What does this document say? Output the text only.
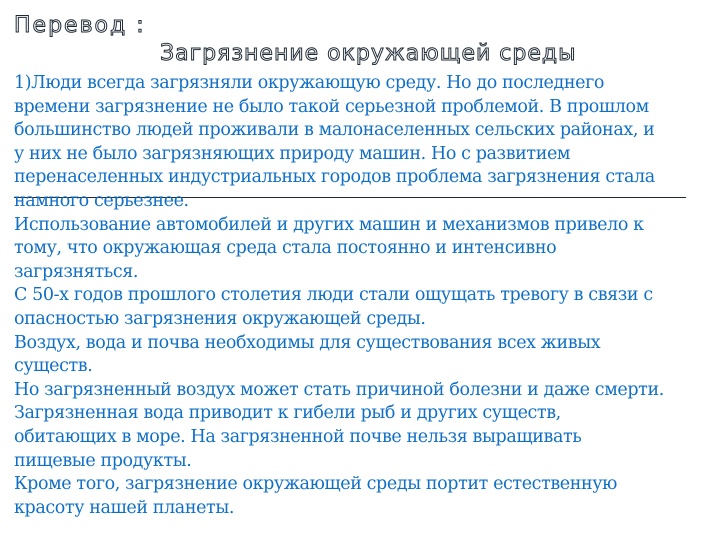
Перевод :
Загрязнение окружающей среды
1)Люди всегда загрязняли окружающую среду. Но до последнего
времени загрязнение не было такой серьезной проблемой. В прошлом
большинство людей проживали в малонаселенных сельских районах, и
у них не было загрязняющих природу машин. Но с развитием
перенаселенных индустриальных городов проблема загрязнения стала
намного серьезнее.
Использование автомобилей и других машин и механизмов привело к
тому, что окружающая среда стала постоянно и интенсивно
загрязняться.
С 50-х годов прошлого столетия люди стали ощущать тревогу в связи с
опасностью загрязнения окружающей среды.
Воздух, вода и почва необходимы для существования всех живых
существ.
Но загрязненный воздух может стать причиной болезни и даже смерти.
Загрязненная вода приводит к гибели рыб и других существ,
обитающих в море. На загрязненной почве нельзя выращивать
пищевые продукты.
Кроме того, загрязнение окружающей среды портит естественную
красоту нашей планеты.
